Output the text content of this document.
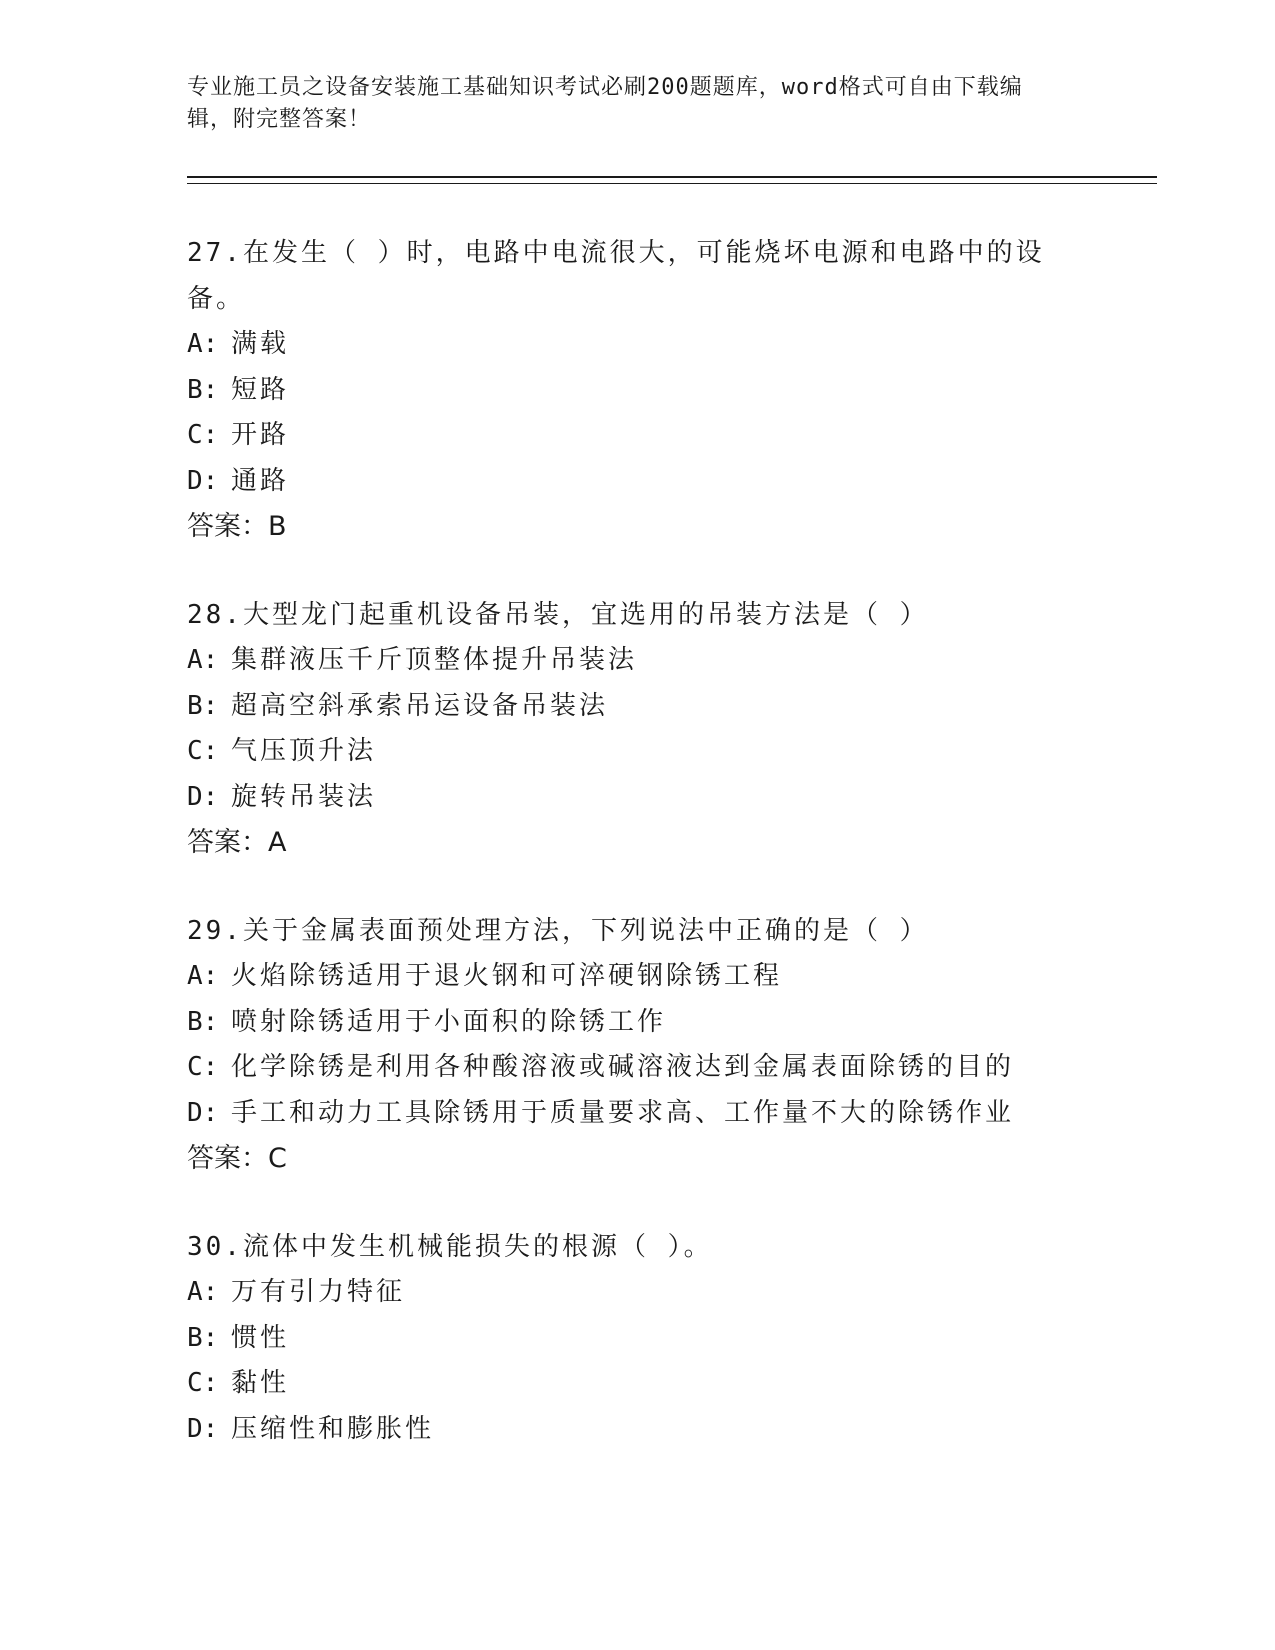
专业施工员之设备安装施工基础知识考试必刷200题题库，word格式可自由下载编辑，附完整答案！

27.在发生（ ）时，电路中电流很大，可能烧坏电源和电路中的设备。

A: 满载

B: 短路

C: 开路

D: 通路

答案：B

28.大型龙门起重机设备吊装，宜选用的吊装方法是（ ）

A: 集群液压千斤顶整体提升吊装法

B: 超高空斜承索吊运设备吊装法

C: 气压顶升法

D: 旋转吊装法

答案：A

29.关于金属表面预处理方法，下列说法中正确的是（ ）

A: 火焰除锈适用于退火钢和可淬硬钢除锈工程

B: 喷射除锈适用于小面积的除锈工作

C: 化学除锈是利用各种酸溶液或碱溶液达到金属表面除锈的目的

D: 手工和动力工具除锈用于质量要求高、工作量不大的除锈作业

答案：C

30.流体中发生机械能损失的根源（ ）。

A: 万有引力特征

B: 惯性

C: 黏性

D: 压缩性和膨胀性
